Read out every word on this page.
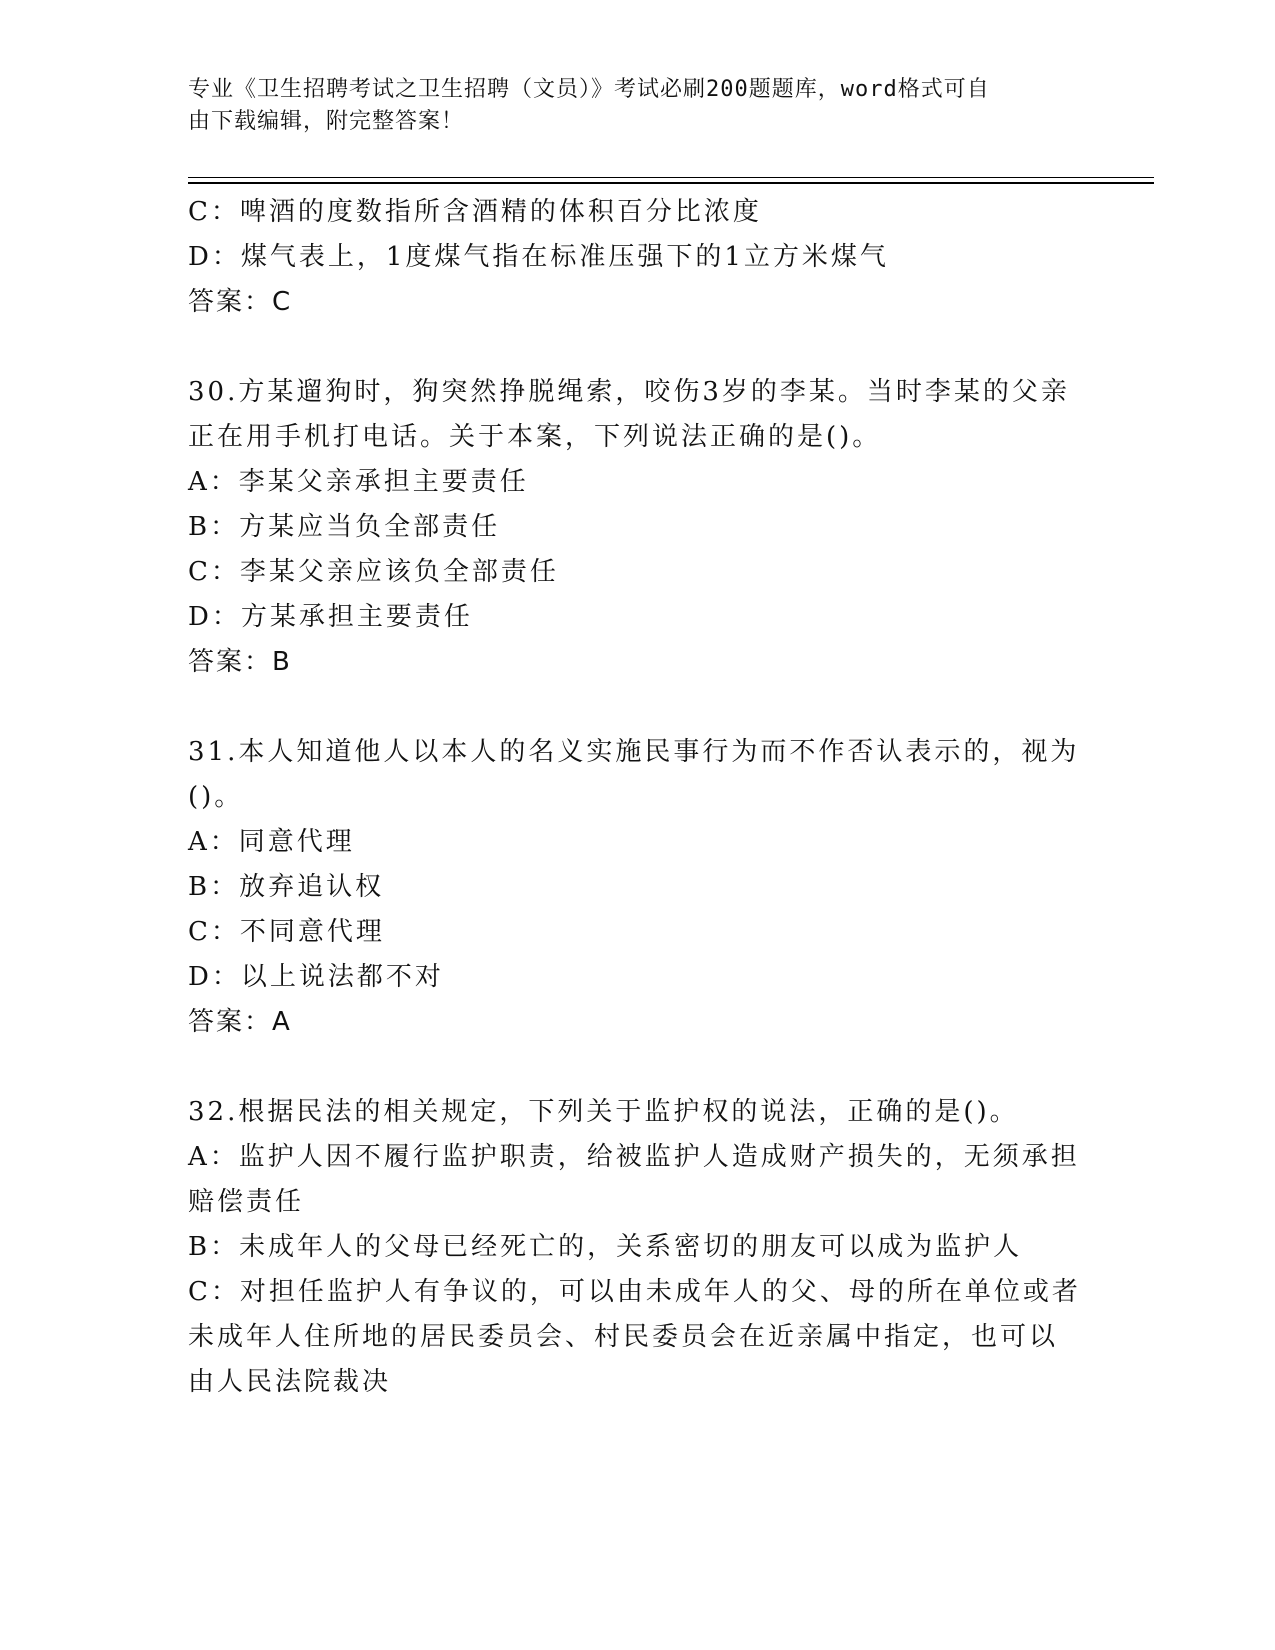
专业《卫生招聘考试之卫生招聘（文员）》考试必刷200题题库，word格式可自
由下载编辑，附完整答案！
C：啤酒的度数指所含酒精的体积百分比浓度
D：煤气表上，1度煤气指在标准压强下的1立方米煤气
答案：C
30.方某遛狗时，狗突然挣脱绳索，咬伤3岁的李某。当时李某的父亲
正在用手机打电话。关于本案，下列说法正确的是()。
A：李某父亲承担主要责任
B：方某应当负全部责任
C：李某父亲应该负全部责任
D：方某承担主要责任
答案：B
31.本人知道他人以本人的名义实施民事行为而不作否认表示的，视为
()。
A：同意代理
B：放弃追认权
C：不同意代理
D：以上说法都不对
答案：A
32.根据民法的相关规定，下列关于监护权的说法，正确的是()。
A：监护人因不履行监护职责，给被监护人造成财产损失的，无须承担
赔偿责任
B：未成年人的父母已经死亡的，关系密切的朋友可以成为监护人
C：对担任监护人有争议的，可以由未成年人的父、母的所在单位或者
未成年人住所地的居民委员会、村民委员会在近亲属中指定，也可以
由人民法院裁决
